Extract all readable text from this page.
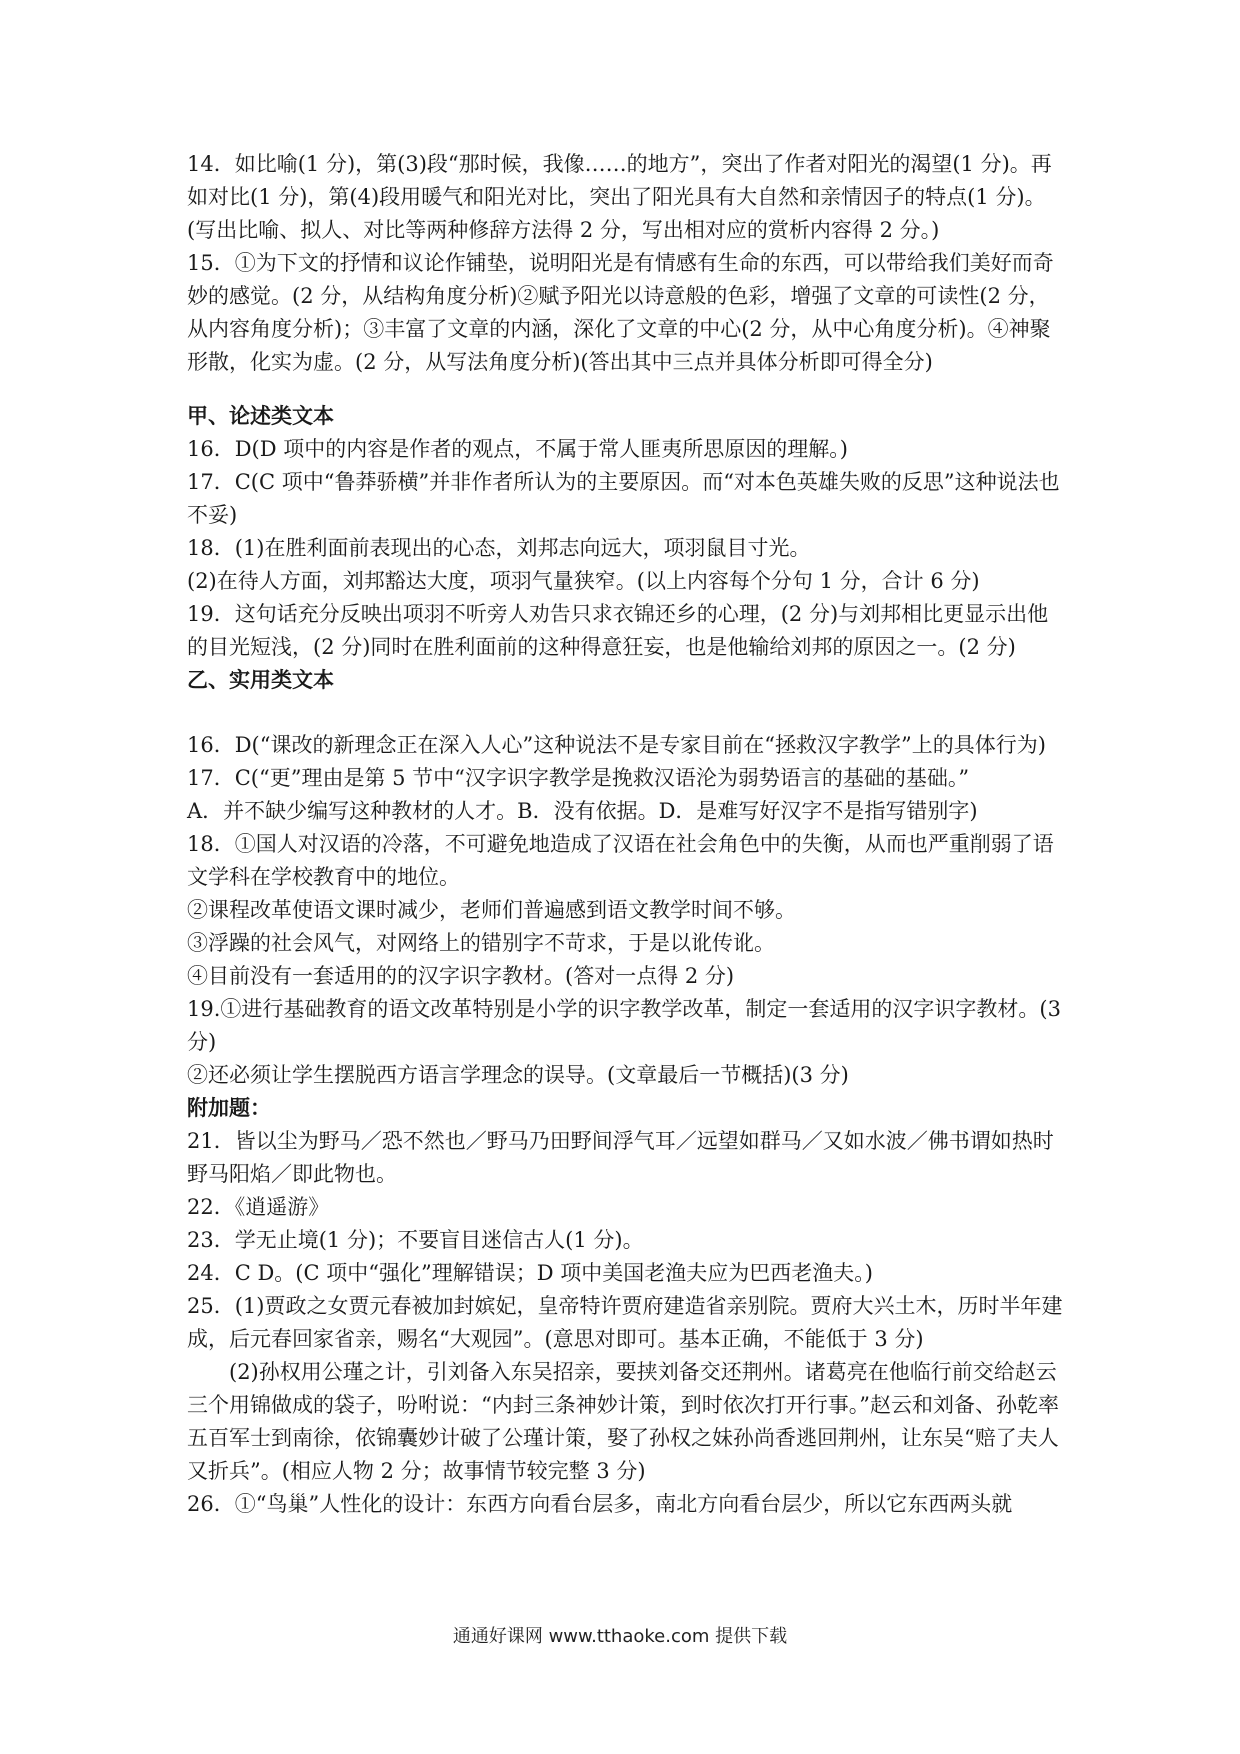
14．如比喻(1 分)，第(3)段“那时候，我像……的地方”，突出了作者对阳光的渴望(1 分)。再如对比(1 分)，第(4)段用暖气和阳光对比，突出了阳光具有大自然和亲情因子的特点(1 分)。(写出比喻、拟人、对比等两种修辞方法得 2 分，写出相对应的赏析内容得 2 分。)

15．①为下文的抒情和议论作铺垫，说明阳光是有情感有生命的东西，可以带给我们美好而奇妙的感觉。(2 分，从结构角度分析)②赋予阳光以诗意般的色彩，增强了文章的可读性(2 分，从内容角度分析)；③丰富了文章的内涵，深化了文章的中心(2 分，从中心角度分析)。④神聚形散，化实为虚。(2 分，从写法角度分析)(答出其中三点并具体分析即可得全分)

甲、论述类文本

16．D(D 项中的内容是作者的观点，不属于常人匪夷所思原因的理解。)

17．C(C 项中“鲁莽骄横”并非作者所认为的主要原因。而“对本色英雄失败的反思”这种说法也不妥)

18．(1)在胜利面前表现出的心态，刘邦志向远大，项羽鼠目寸光。

(2)在待人方面，刘邦豁达大度，项羽气量狭窄。(以上内容每个分句 1 分，合计 6 分)

19．这句话充分反映出项羽不听旁人劝告只求衣锦还乡的心理，(2 分)与刘邦相比更显示出他的目光短浅，(2 分)同时在胜利面前的这种得意狂妄，也是他输给刘邦的原因之一。(2 分)

乙、实用类文本

16．D(“课改的新理念正在深入人心”这种说法不是专家目前在“拯救汉字教学”上的具体行为)

17．C(“更”理由是第 5 节中“汉字识字教学是挽救汉语沦为弱势语言的基础的基础。”

A．并不缺少编写这种教材的人才。B．没有依据。D．是难写好汉字不是指写错别字)

18．①国人对汉语的冷落，不可避免地造成了汉语在社会角色中的失衡，从而也严重削弱了语文学科在学校教育中的地位。

②课程改革使语文课时减少，老师们普遍感到语文教学时间不够。

③浮躁的社会风气，对网络上的错别字不苛求，于是以讹传讹。

④目前没有一套适用的的汉字识字教材。(答对一点得 2 分)

19.①进行基础教育的语文改革特别是小学的识字教学改革，制定一套适用的汉字识字教材。(3 分)

②还必须让学生摆脱西方语言学理念的误导。(文章最后一节概括)(3 分)

附加题：

21．皆以尘为野马／恐不然也／野马乃田野间浮气耳／远望如群马／又如水波／佛书谓如热时野马阳焰／即此物也。

22．《逍遥游》

23．学无止境(1 分)；不要盲目迷信古人(1 分)。

24．C D。(C 项中“强化”理解错误；D 项中美国老渔夫应为巴西老渔夫。)

25．(1)贾政之女贾元春被加封嫔妃，皇帝特许贾府建造省亲别院。贾府大兴土木，历时半年建成，后元春回家省亲，赐名“大观园”。(意思对即可。基本正确，不能低于 3 分)

(2)孙权用公瑾之计，引刘备入东吴招亲，要挟刘备交还荆州。诸葛亮在他临行前交给赵云三个用锦做成的袋子，吩咐说：“内封三条神妙计策，到时依次打开行事。”赵云和刘备、孙乾率五百军士到南徐，依锦囊妙计破了公瑾计策，娶了孙权之妹孙尚香逃回荆州，让东吴“赔了夫人又折兵”。(相应人物 2 分；故事情节较完整 3 分)

26．①“鸟巢”人性化的设计：东西方向看台层多，南北方向看台层少，所以它东西两头就

通通好课网 www.tthaoke.com 提供下载
